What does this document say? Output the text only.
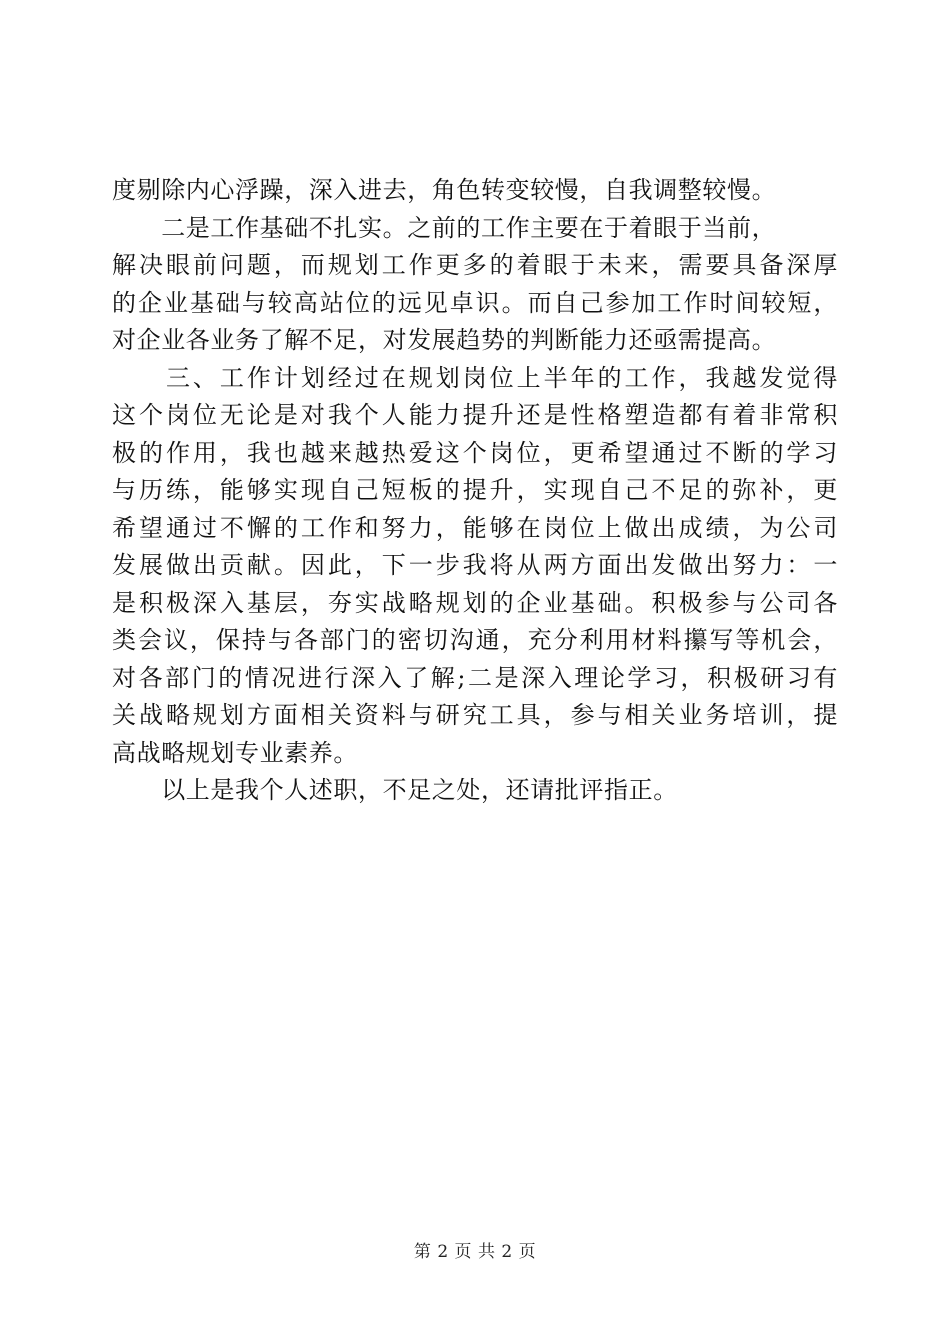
度剔除内心浮躁，深入进去，角色转变较慢，自我调整较慢。
　　二是工作基础不扎实。之前的工作主要在于着眼于当前，
解决眼前问题，而规划工作更多的着眼于未来，需要具备深厚
的企业基础与较高站位的远见卓识。而自己参加工作时间较短，
对企业各业务了解不足，对发展趋势的判断能力还亟需提高。
　　三、工作计划经过在规划岗位上半年的工作，我越发觉得
这个岗位无论是对我个人能力提升还是性格塑造都有着非常积
极的作用，我也越来越热爱这个岗位，更希望通过不断的学习
与历练，能够实现自己短板的提升，实现自己不足的弥补，更
希望通过不懈的工作和努力，能够在岗位上做出成绩，为公司
发展做出贡献。因此，下一步我将从两方面出发做出努力：一
是积极深入基层，夯实战略规划的企业基础。积极参与公司各
类会议，保持与各部门的密切沟通，充分利用材料攥写等机会，
对各部门的情况进行深入了解;二是深入理论学习，积极研习有
关战略规划方面相关资料与研究工具，参与相关业务培训，提
高战略规划专业素养。
　　以上是我个人述职，不足之处，还请批评指正。
第 2 页 共 2 页
